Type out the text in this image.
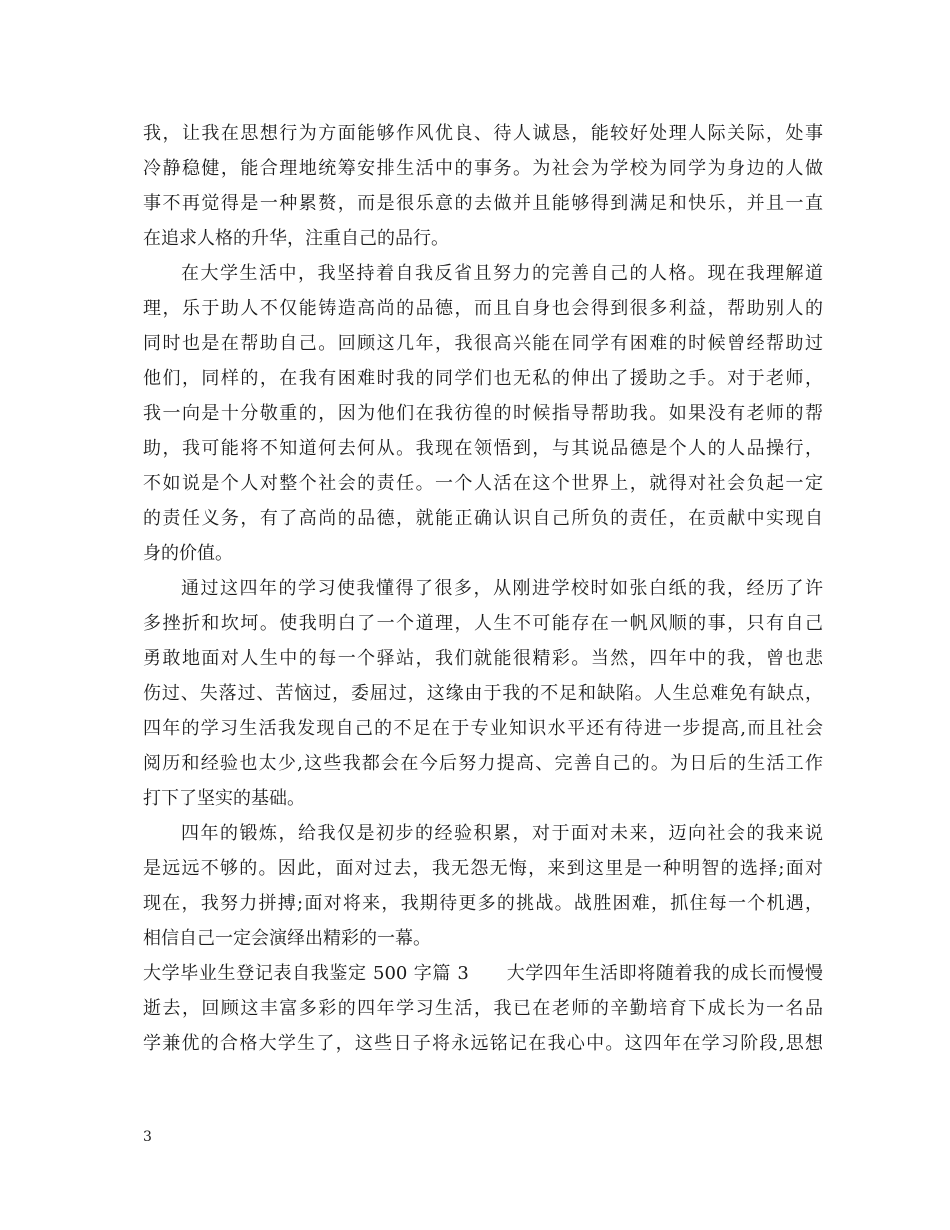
我，让我在思想行为方面能够作风优良、待人诚恳，能较好处理人际关际，处事
冷静稳健，能合理地统筹安排生活中的事务。为社会为学校为同学为身边的人做
事不再觉得是一种累赘，而是很乐意的去做并且能够得到满足和快乐，并且一直
在追求人格的升华，注重自己的品行。
在大学生活中，我坚持着自我反省且努力的完善自己的人格。现在我理解道
理，乐于助人不仅能铸造高尚的品德，而且自身也会得到很多利益，帮助别人的
同时也是在帮助自己。回顾这几年，我很高兴能在同学有困难的时候曾经帮助过
他们，同样的，在我有困难时我的同学们也无私的伸出了援助之手。对于老师，
我一向是十分敬重的，因为他们在我彷徨的时候指导帮助我。如果没有老师的帮
助，我可能将不知道何去何从。我现在领悟到，与其说品德是个人的人品操行，
不如说是个人对整个社会的责任。一个人活在这个世界上，就得对社会负起一定
的责任义务，有了高尚的品德，就能正确认识自己所负的责任，在贡献中实现自
身的价值。
通过这四年的学习使我懂得了很多，从刚进学校时如张白纸的我，经历了许
多挫折和坎坷。使我明白了一个道理，人生不可能存在一帆风顺的事，只有自己
勇敢地面对人生中的每一个驿站，我们就能很精彩。当然，四年中的我，曾也悲
伤过、失落过、苦恼过，委屈过，这缘由于我的不足和缺陷。人生总难免有缺点，
四年的学习生活我发现自己的不足在于专业知识水平还有待进一步提高,而且社会
阅历和经验也太少,这些我都会在今后努力提高、完善自己的。为日后的生活工作
打下了坚实的基础。
四年的锻炼，给我仅是初步的经验积累，对于面对未来，迈向社会的我来说
是远远不够的。因此，面对过去，我无怨无悔，来到这里是一种明智的选择;面对
现在，我努力拼搏;面对将来，我期待更多的挑战。战胜困难，抓住每一个机遇，
相信自己一定会演绎出精彩的一幕。
大学毕业生登记表自我鉴定 500 字篇 3　　大学四年生活即将随着我的成长而慢慢
逝去，回顾这丰富多彩的四年学习生活，我已在老师的辛勤培育下成长为一名品
学兼优的合格大学生了，这些日子将永远铭记在我心中。这四年在学习阶段,思想
3
